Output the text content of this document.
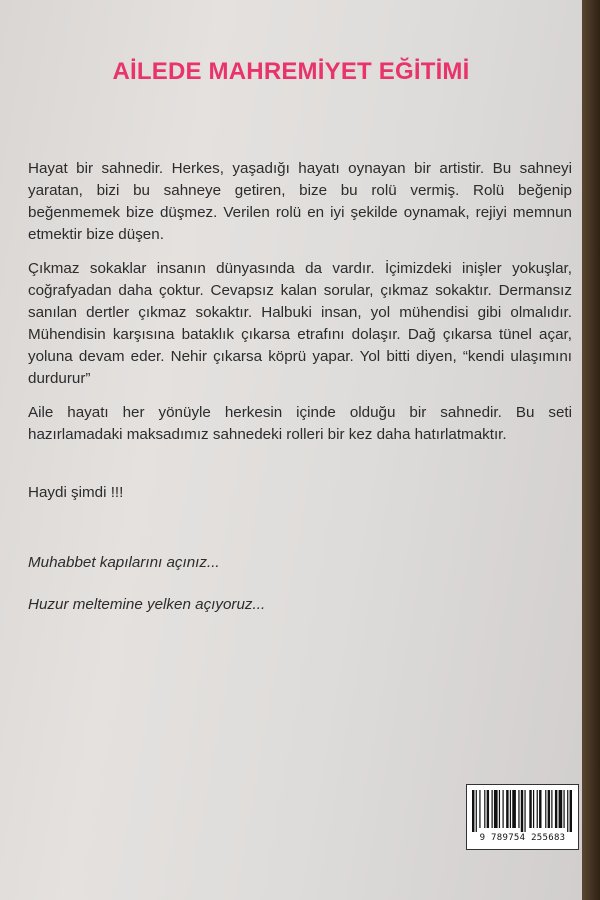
AİLEDE MAHREMİYET EĞİTİMİ

Hayat bir sahnedir. Herkes, yaşadığı hayatı oynayan bir artistir. Bu sahneyi yaratan, bizi bu sahneye getiren, bize bu rolü vermiş. Rolü beğenip beğenmemek bize düşmez. Verilen rolü en iyi şekilde oynamak, rejiyi memnun etmektir bize düşen.

Çıkmaz sokaklar insanın dünyasında da vardır. İçimizdeki inişler yokuşlar, coğrafyadan daha çoktur. Cevapsız kalan sorular, çıkmaz sokaktır. Dermansız sanılan dertler çıkmaz sokaktır. Halbuki insan, yol mühendisi gibi olmalıdır. Mühendisin karşısına bataklık çıkarsa etrafını dolaşır. Dağ çıkarsa tünel açar, yoluna devam eder. Nehir çıkarsa köprü yapar. Yol bitti diyen, “kendi ulaşımını durdurur”

Aile hayatı her yönüyle herkesin içinde olduğu bir sahnedir. Bu seti hazırlamadaki maksadımız sahnedeki rolleri bir kez daha hatırlatmaktır.

Haydi şimdi !!!

Muhabbet kapılarını açınız...

Huzur meltemine yelken açıyoruz...

9 789754 255683
